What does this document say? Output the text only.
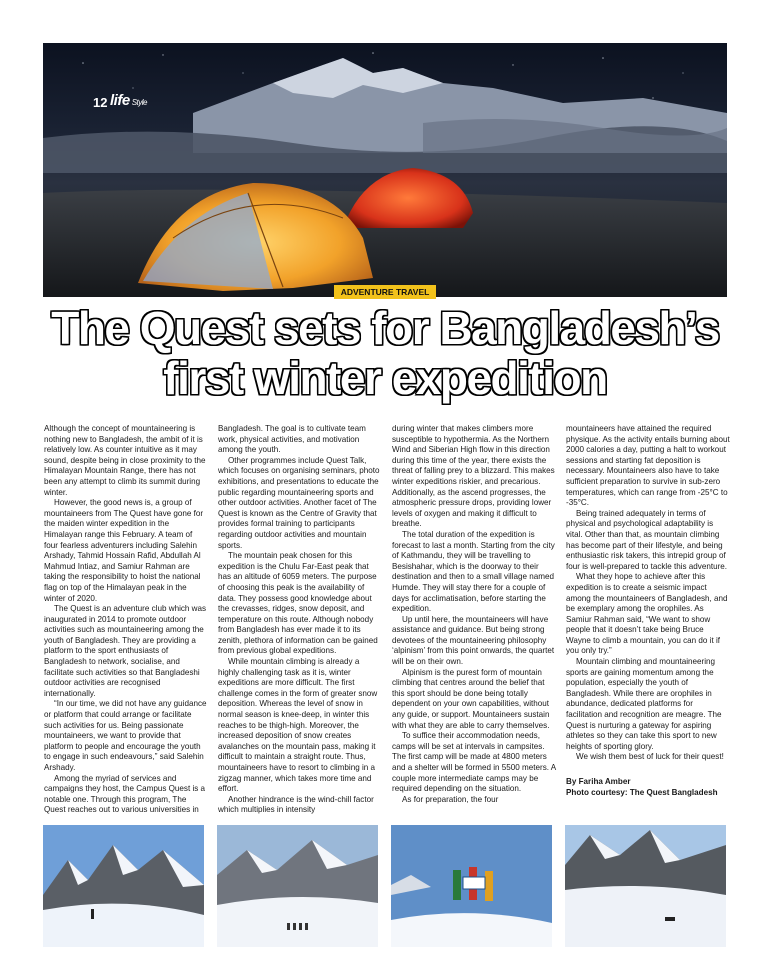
12 life Style
ADVENTURE TRAVEL
The Quest sets for Bangladesh’s
first winter expedition

Although the concept of mountaineering is nothing new to Bangladesh, the ambit of it is relatively low. As counter intuitive as it may sound, despite being in close proximity to the Himalayan Mountain Range, there has not been any attempt to climb its summit during winter.

However, the good news is, a group of mountaineers from The Quest have gone for the maiden winter expedition in the Himalayan range this February. A team of four fearless adventurers including Salehin Arshady, Tahmid Hossain Rafid, Abdullah Al Mahmud Intiaz, and Samiur Rahman are taking the responsibility to hoist the national flag on top of the Himalayan peak in the winter of 2020.

The Quest is an adventure club which was inaugurated in 2014 to promote outdoor activities such as mountaineering among the youth of Bangladesh. They are providing a platform to the sport enthusiasts of Bangladesh to network, socialise, and facilitate such activities so that Bangladeshi outdoor activities are recognised internationally.

“In our time, we did not have any guidance or platform that could arrange or facilitate such activities for us. Being passionate mountaineers, we want to provide that platform to people and encourage the youth to engage in such endeavours,” said Salehin Arshady.

Among the myriad of services and campaigns they host, the Campus Quest is a notable one. Through this program, The Quest reaches out to various universities in

Bangladesh. The goal is to cultivate team work, physical activities, and motivation among the youth.

Other programmes include Quest Talk, which focuses on organising seminars, photo exhibitions, and presentations to educate the public regarding mountaineering sports and other outdoor activities. Another facet of The Quest is known as the Centre of Gravity that provides formal training to participants regarding outdoor activities and mountain sports.

The mountain peak chosen for this expedition is the Chulu Far-East peak that has an altitude of 6059 meters. The purpose of choosing this peak is the availability of data. They possess good knowledge about the crevasses, ridges, snow deposit, and temperature on this route. Although nobody from Bangladesh has ever made it to its zenith, plethora of information can be gained from previous global expeditions.

While mountain climbing is already a highly challenging task as it is, winter expeditions are more difficult. The first challenge comes in the form of greater snow deposition. Whereas the level of snow in normal season is knee-deep, in winter this reaches to be thigh-high. Moreover, the increased deposition of snow creates avalanches on the mountain pass, making it difficult to maintain a straight route. Thus, mountaineers have to resort to climbing in a zigzag manner, which takes more time and effort.

Another hindrance is the wind-chill factor which multiplies in intensity

during winter that makes climbers more susceptible to hypothermia. As the Northern Wind and Siberian High flow in this direction during this time of the year, there exists the threat of falling prey to a blizzard. This makes winter expeditions riskier, and precarious. Additionally, as the ascend progresses, the atmospheric pressure drops, providing lower levels of oxygen and making it difficult to breathe.

The total duration of the expedition is forecast to last a month. Starting from the city of Kathmandu, they will be travelling to Besishahar, which is the doorway to their destination and then to a small village named Humde. They will stay there for a couple of days for acclimatisation, before starting the expedition.

Up until here, the mountaineers will have assistance and guidance. But being strong devotees of the mountaineering philosophy ‘alpinism’ from this point onwards, the quartet will be on their own.

Alpinism is the purest form of mountain climbing that centres around the belief that this sport should be done being totally dependent on your own capabilities, without any guide, or support. Mountaineers sustain with what they are able to carry themselves.

To suffice their accommodation needs, camps will be set at intervals in campsites. The first camp will be made at 4800 meters and a shelter will be formed in 5500 meters. A couple more intermediate camps may be required depending on the situation.

As for preparation, the four

mountaineers have attained the required physique. As the activity entails burning about 2000 calories a day, putting a halt to workout sessions and starting fat deposition is necessary. Mountaineers also have to take sufficient preparation to survive in sub-zero temperatures, which can range from -25°C to -35°C.

Being trained adequately in terms of physical and psychological adaptability is vital. Other than that, as mountain climbing has become part of their lifestyle, and being enthusiastic risk takers, this intrepid group of four is well-prepared to tackle this adventure.

What they hope to achieve after this expedition is to create a seismic impact among the mountaineers of Bangladesh, and be exemplary among the orophiles. As Samiur Rahman said, “We want to show people that it doesn’t take being Bruce Wayne to climb a mountain, you can do it if you only try.”

Mountain climbing and mountaineering sports are gaining momentum among the population, especially the youth of Bangladesh. While there are orophiles in abundance, dedicated platforms for facilitation and recognition are meagre. The Quest is nurturing a gateway for aspiring athletes so they can take this sport to new heights of sporting glory.

We wish them best of luck for their quest!

By Fariha Amber

Photo courtesy: The Quest Bangladesh
